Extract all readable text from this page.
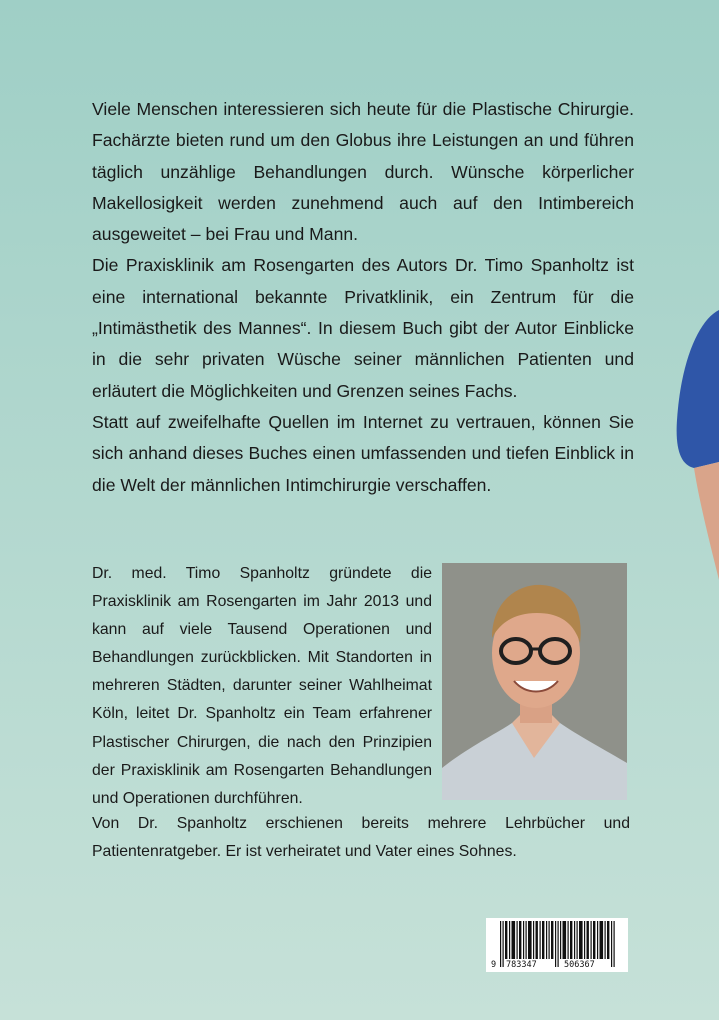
Viele Menschen interessieren sich heute für die Plastische Chirurgie. Fachärzte bieten rund um den Globus ihre Leistungen an und führen täglich unzählige Behandlungen durch. Wünsche körperlicher Makellosigkeit werden zunehmend auch auf den Intimbereich ausgeweitet – bei Frau und Mann.

Die Praxisklinik am Rosengarten des Autors Dr. Timo Spanholtz ist eine international bekannte Privatklinik, ein Zentrum für die „Intimästhetik des Mannes“. In diesem Buch gibt der Autor Einblicke in die sehr privaten Wüsche seiner männlichen Patienten und erläutert die Möglichkeiten und Grenzen seines Fachs.

Statt auf zweifelhafte Quellen im Internet zu vertrauen, können Sie sich anhand dieses Buches einen umfassenden und tiefen Einblick in die Welt der männlichen Intimchirurgie verschaffen.

Dr. med. Timo Spanholtz gründete die Praxisklinik am Rosengarten im Jahr 2013 und kann auf viele Tausend Operationen und Behandlungen zurückblicken. Mit Standorten in mehreren Städten, darunter seiner Wahlheimat Köln, leitet Dr. Spanholtz ein Team erfahrener Plastischer Chirurgen, die nach den Prinzipien der Praxisklinik am Rosengarten Behandlungen und Operationen durchführen.

Von Dr. Spanholtz erschienen bereits mehrere Lehrbücher und Patientenratgeber. Er ist verheiratet und Vater eines Sohnes.

9 783347	506367
